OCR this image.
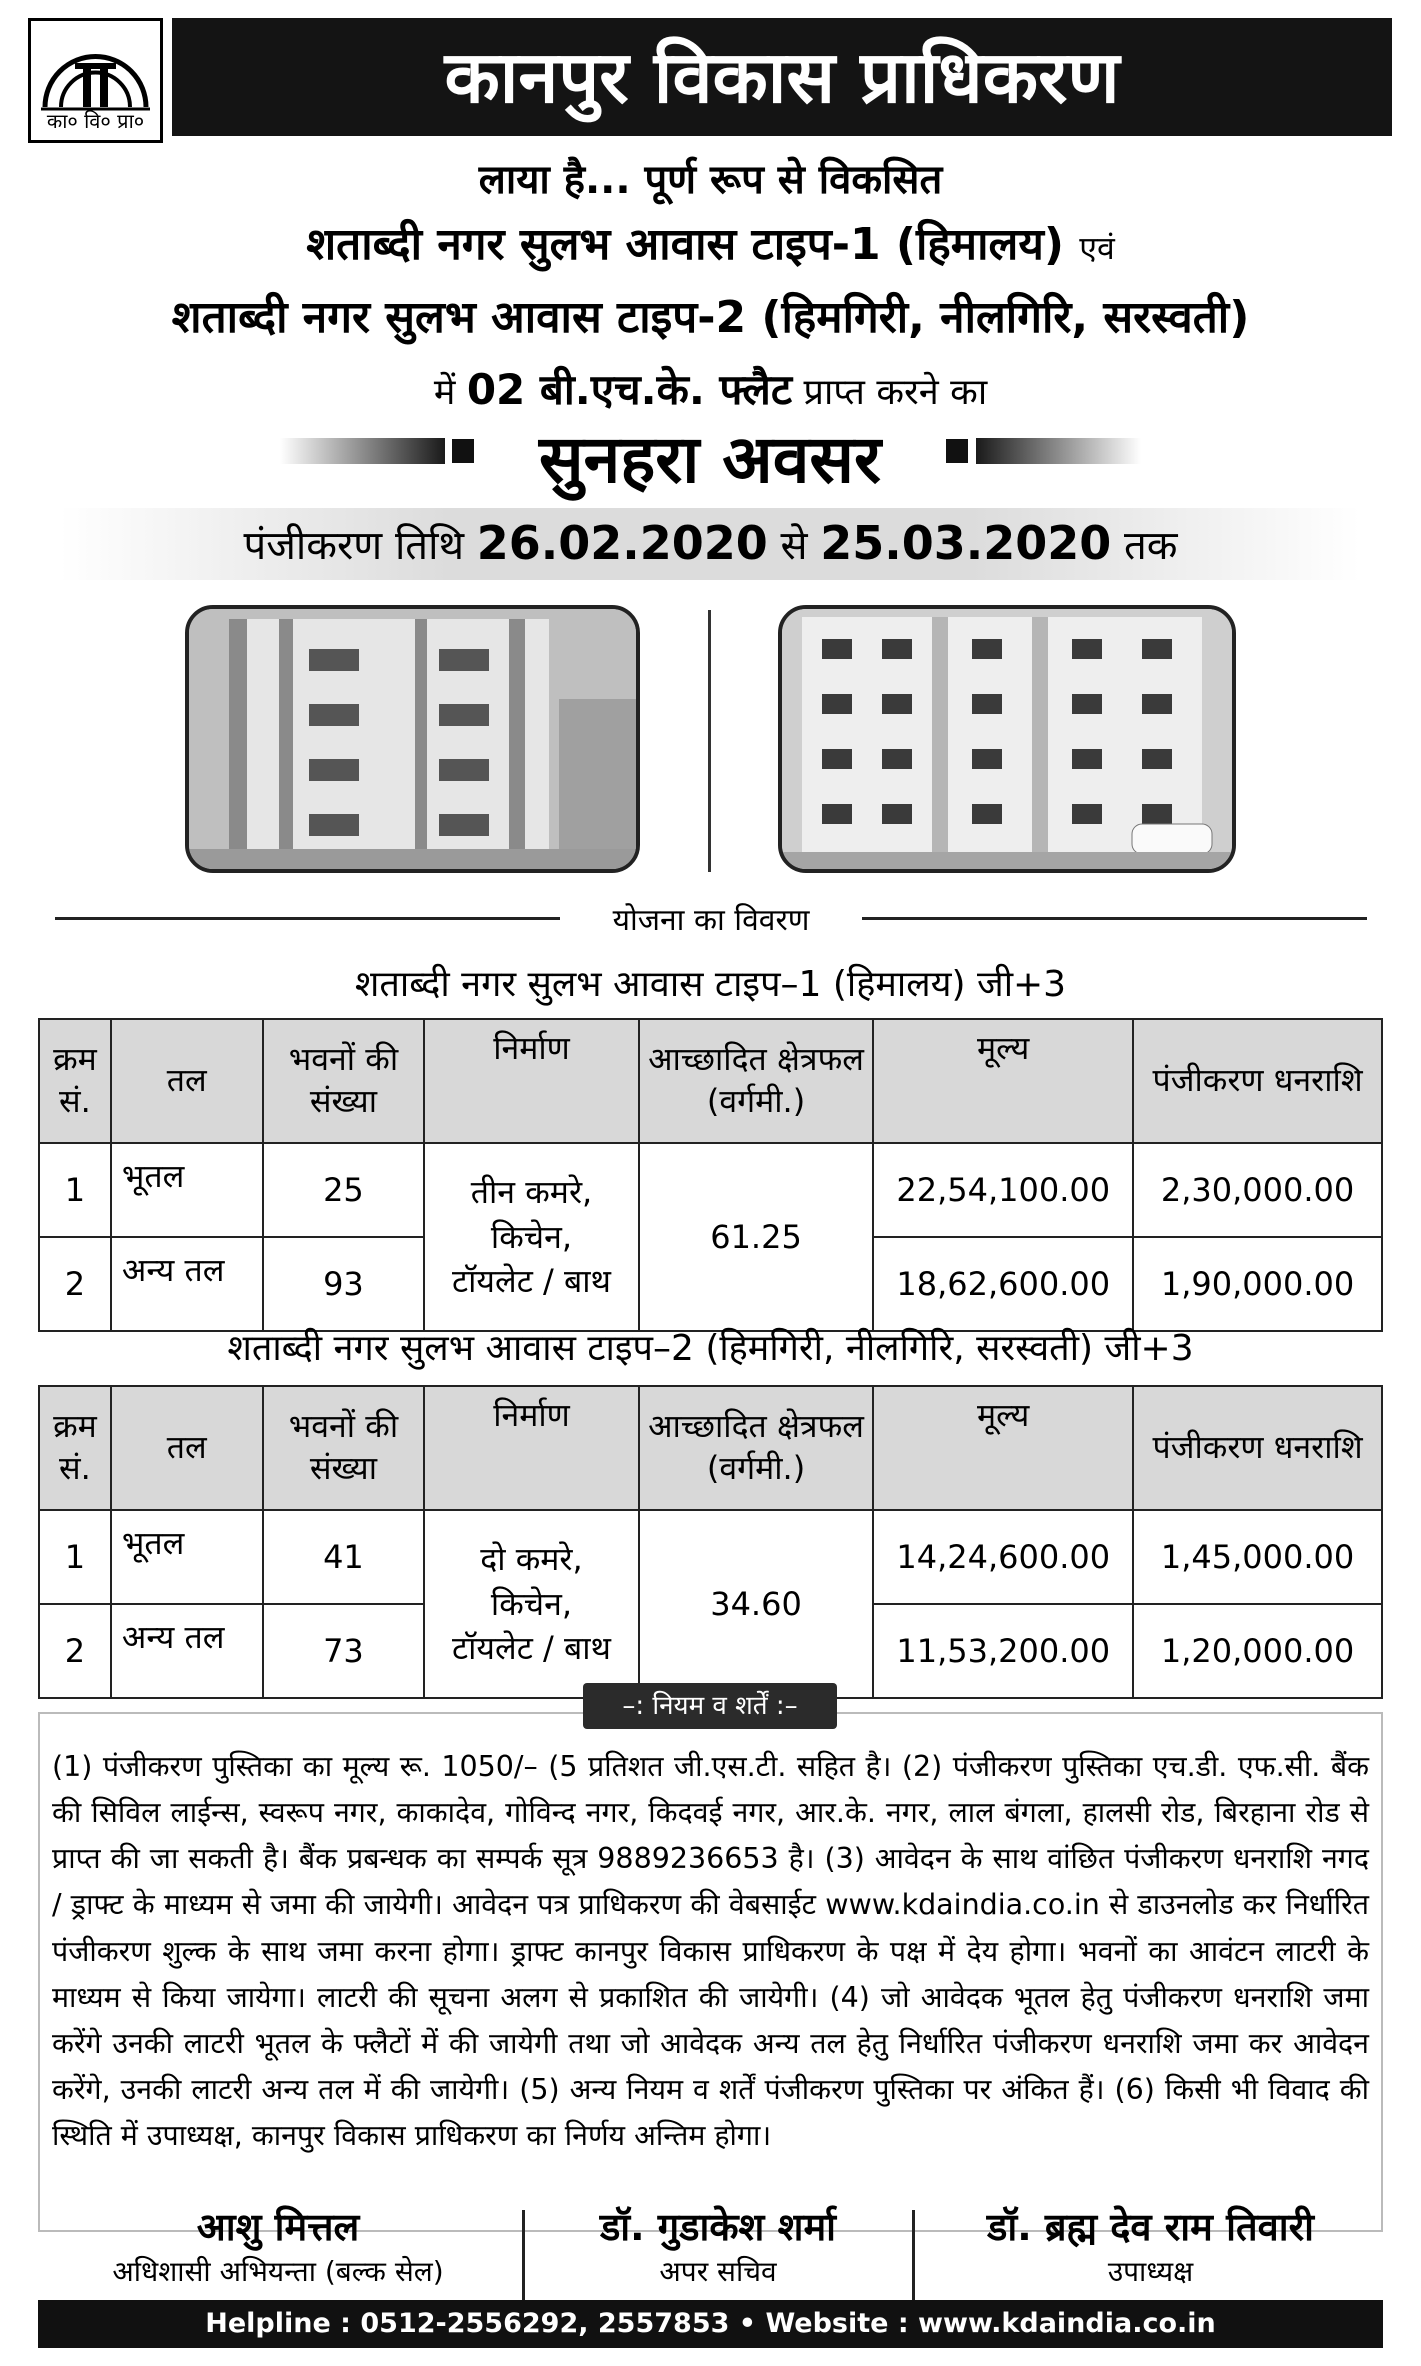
का० वि० प्रा०
कानपुर विकास प्राधिकरण
लाया है... पूर्ण रूप से विकसित
शताब्दी नगर सुलभ आवास टाइप-1 (हिमालय) एवं
शताब्दी नगर सुलभ आवास टाइप-2 (हिमगिरी, नीलगिरि, सरस्वती)
में 02 बी.एच.के. फ्लैट प्राप्त करने का
सुनहरा अवसर
पंजीकरण तिथि 26.02.2020 से 25.03.2020 तक
योजना का विवरण
शताब्दी नगर सुलभ आवास टाइप–1 (हिमालय) जी+3
क्रम सं.	तल	भवनों की संख्या	निर्माण	आच्छादित क्षेत्रफल (वर्गमी.)	मूल्य	पंजीकरण धनराशि
1	भूतल	25	तीन कमरे,
किचेन,
टॉयलेट / बाथ	61.25	22,54,100.00	2,30,000.00
2	अन्य तल	93			18,62,600.00	1,90,000.00
शताब्दी नगर सुलभ आवास टाइप–2 (हिमगिरी, नीलगिरि, सरस्वती) जी+3
क्रम सं.	तल	भवनों की संख्या	निर्माण	आच्छादित क्षेत्रफल (वर्गमी.)	मूल्य	पंजीकरण धनराशि
1	भूतल	41	दो कमरे,
किचेन,
टॉयलेट / बाथ	34.60	14,24,600.00	1,45,000.00
2	अन्य तल	73			11,53,200.00	1,20,000.00
(1) पंजीकरण पुस्तिका का मूल्य रू. 1050/– (5 प्रतिशत जी.एस.टी. सहित है। (2) पंजीकरण पुस्तिका एच.डी. एफ.सी. बैंक की सिविल लाईन्स, स्वरूप नगर, काकादेव, गोविन्द नगर, किदवई नगर, आर.के. नगर, लाल बंगला, हालसी रोड, बिरहाना रोड से प्राप्त की जा सकती है। बैंक प्रबन्धक का सम्पर्क सूत्र 9889236653 है। (3) आवेदन के साथ वांछित पंजीकरण धनराशि नगद / ड्राफ्ट के माध्यम से जमा की जायेगी। आवेदन पत्र प्राधिकरण की वेबसाईट www.kdaindia.co.in से डाउनलोड कर निर्धारित पंजीकरण शुल्क के साथ जमा करना होगा। ड्राफ्ट कानपुर विकास प्राधिकरण के पक्ष में देय होगा। भवनों का आवंटन लाटरी के माध्यम से किया जायेगा। लाटरी की सूचना अलग से प्रकाशित की जायेगी। (4) जो आवेदक भूतल हेतु पंजीकरण धनराशि जमा करेंगे उनकी लाटरी भूतल के फ्लैटों में की जायेगी तथा जो आवेदक अन्य तल हेतु निर्धारित पंजीकरण धनराशि जमा कर आवेदन करेंगे, उनकी लाटरी अन्य तल में की जायेगी। (5) अन्य नियम व शर्तें पंजीकरण पुस्तिका पर अंकित हैं। (6) किसी भी विवाद की स्थिति में उपाध्यक्ष, कानपुर विकास प्राधिकरण का निर्णय अन्तिम होगा।
–: नियम व शर्तें :–
आशु मित्तल
अधिशासी अभियन्ता (बल्क सेल)
डॉ. गुडाकेश शर्मा
अपर सचिव
डॉ. ब्रह्म देव राम तिवारी
उपाध्यक्ष
Helpline : 0512-2556292, 2557853 • Website : www.kdaindia.co.in
